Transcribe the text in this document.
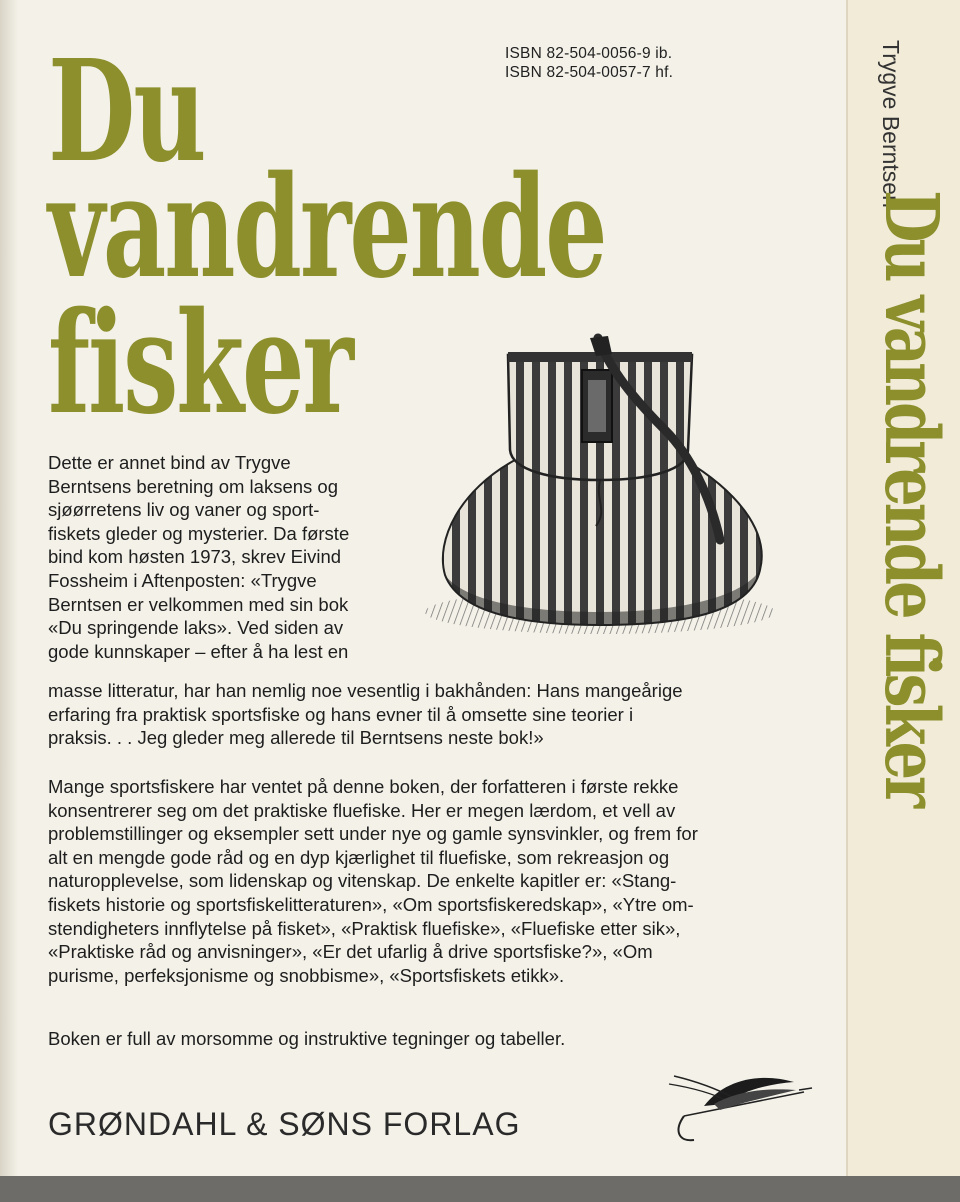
ISBN 82-504-0056-9 ib.
ISBN 82-504-0057-7 hf.
Du
vandrende
fisker
Dette er annet bind av Trygve
Berntsens beretning om laksens og
sjøørretens liv og vaner og sport-
fiskets gleder og mysterier. Da første
bind kom høsten 1973, skrev Eivind
Fossheim i Aftenposten: «Trygve
Berntsen er velkommen med sin bok
«Du springende laks». Ved siden av
gode kunnskaper – efter å ha lest en
masse litteratur, har han nemlig noe vesentlig i bakhånden: Hans mangeårige
erfaring fra praktisk sportsfiske og hans evner til å omsette sine teorier i
praksis. . . Jeg gleder meg allerede til Berntsens neste bok!»
Mange sportsfiskere har ventet på denne boken, der forfatteren i første rekke
konsentrerer seg om det praktiske fluefiske. Her er megen lærdom, et vell av
problemstillinger og eksempler sett under nye og gamle synsvinkler, og frem for
alt en mengde gode råd og en dyp kjærlighet til fluefiske, som rekreasjon og
naturopplevelse, som lidenskap og vitenskap. De enkelte kapitler er: «Stang-
fiskets historie og sportsfiskelitteraturen», «Om sportsfiskeredskap», «Ytre om-
stendigheters innflytelse på fisket», «Praktisk fluefiske», «Fluefiske etter sik»,
«Praktiske råd og anvisninger», «Er det ufarlig å drive sportsfiske?», «Om
purisme, perfeksjonisme og snobbisme», «Sportsfiskets etikk».
Boken er full av morsomme og instruktive tegninger og tabeller.
GRØNDAHL & SØNS FORLAG
Trygve Berntsen
Du vandrende fisker
